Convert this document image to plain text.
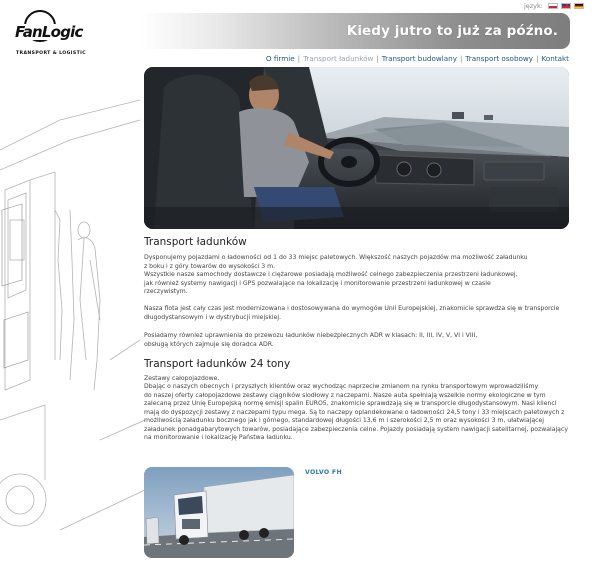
FanLogic
TRANSPORT & LOGISTIC
język:
Kiedy jutro to już za późno.
O firmie | Transport ładunków | Transport budowlany | Transport osobowy | Kontakt
Transport ładunków
Dysponujemy pojazdami o ładowności od 1 do 33 miejsc paletowych. Większość naszych pojazdów ma możliwość załadunku
z boku i z góry towarów do wysokości 3 m.
Wszystkie nasze samochody dostawcze i ciężarowe posiadają możliwość celnego zabezpieczenia przestrzeni ładunkowej,
jak również systemy nawigacji i GPS pozwalające na lokalizację i monitorowanie przestrzeni ładunkowej w czasie
rzeczywistym.
Nasza flota jest cały czas jest modernizowana i dostosowywana do wymogów Unii Europejskiej, znakomicie sprawdza się w transporcie
długodystansowym i w dystrybucji miejskiej.
Posiadamy również uprawnienia do przewozu ładunków niebezpiecznych ADR w klasach: II, III, IV, V, VI i VIII,
obsługą których zajmuje się doradca ADR.
Transport ładunków 24 tony
Zestawy całopojazdowe.
Dbając o naszych obecnych i przyszłych klientów oraz wychodząc naprzeciw zmianom na rynku transportowym wprowadziliśmy
do naszej oferty całopojazdowe zestawy ciągników siodłowy z naczepami. Nasze auta spełniają wszelkie normy ekologiczne w tym
zalecaną przez Unię Europejską normę emisji spalin EURO5, znakomicie sprawdzają się w transporcie długodystansowym. Nasi klienci
mają do dyspozycji zestawy z naczepami typu mega. Są to naczepy oplandekowane o ładowności 24,5 tony i 33 miejscach paletowych z
możliwością załadunku bocznego jak i górnego, standardowej długości 13,6 m i szerokości 2,5 m oraz wysokości 3 m, ułatwiającej
załadunek ponadgabarytowych towarów, posiadające zabezpieczenia celne. Pojazdy posiadają system nawigacji satelitarnej, pozwalający
na monitorowanie i lokalizację Państwa ładunku.
VOLVO FH
